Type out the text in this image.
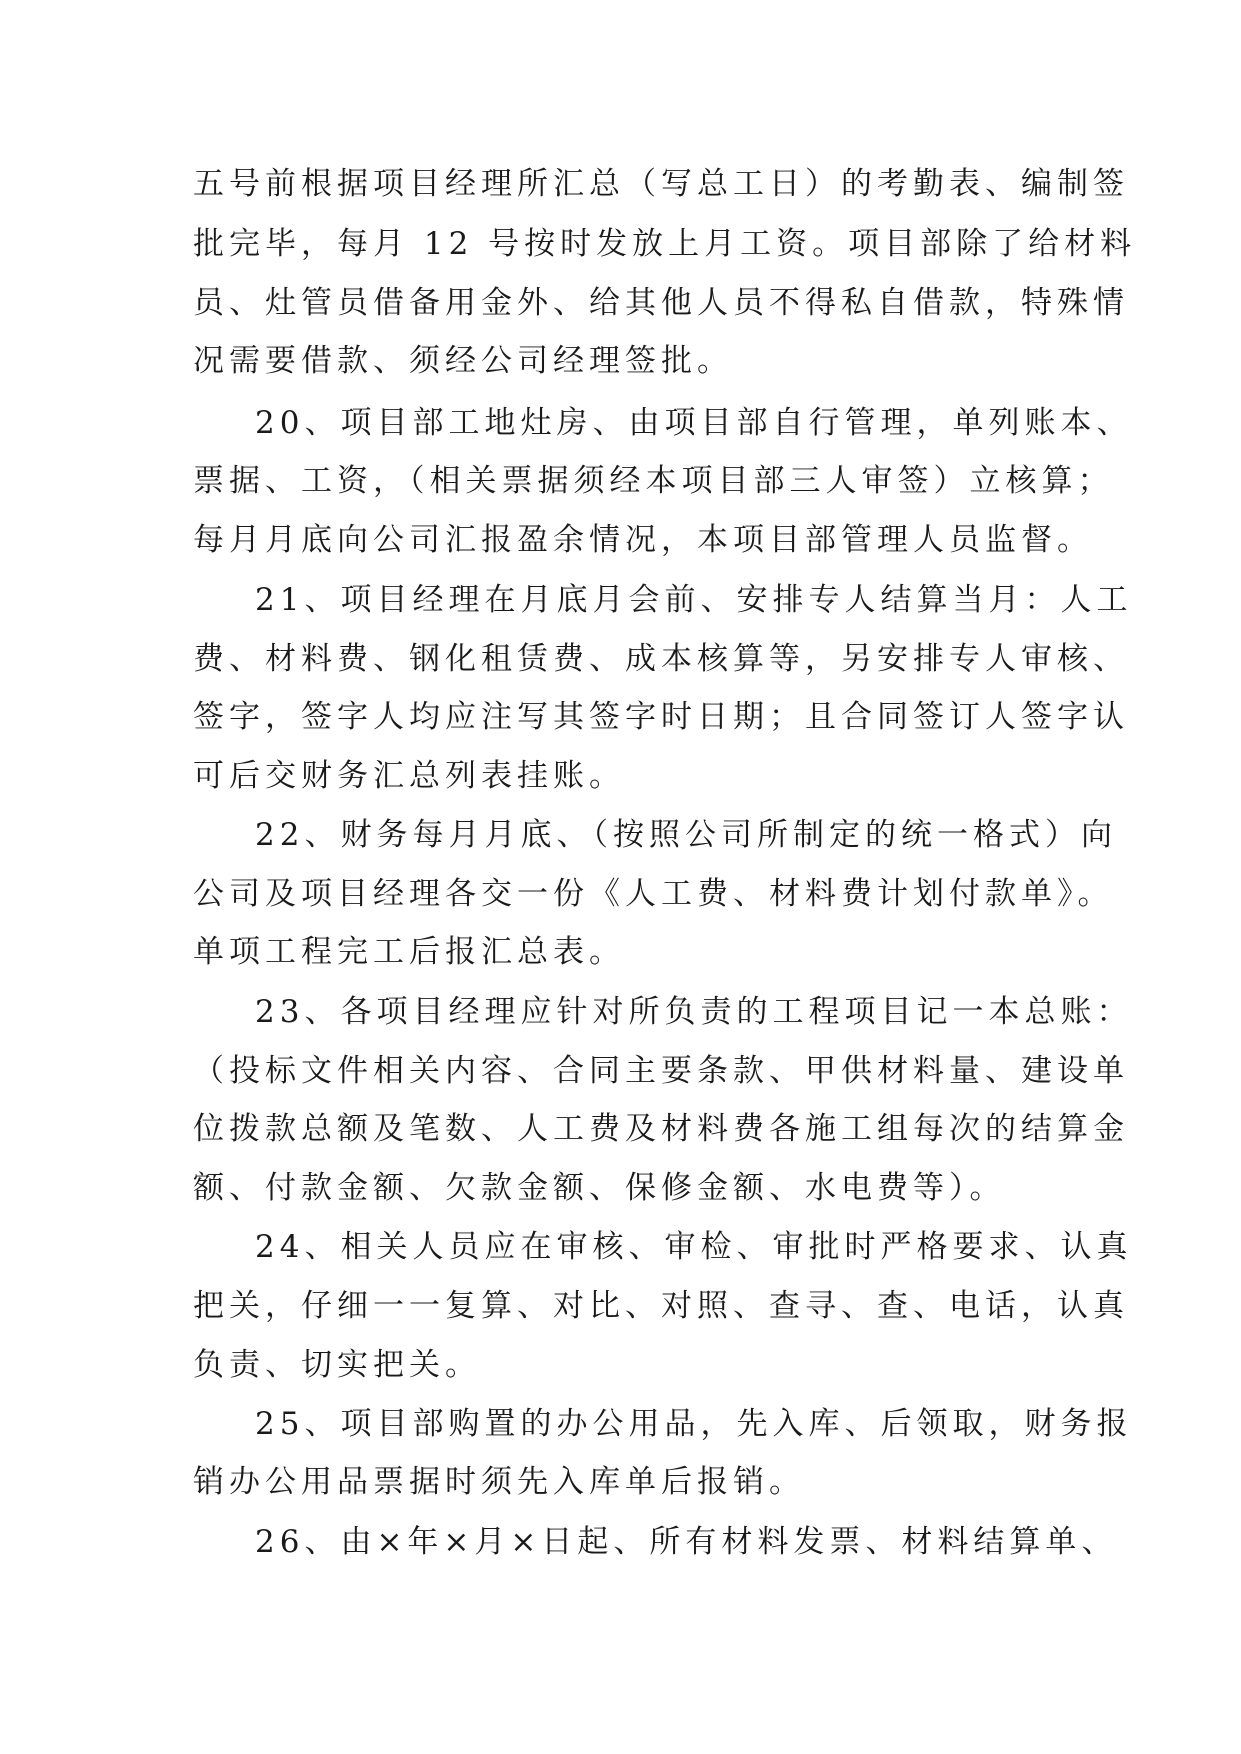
五号前根据项目经理所汇总（写总工日）的考勤表、编制签
批完毕，每月 12 号按时发放上月工资。项目部除了给材料
员、灶管员借备用金外、给其他人员不得私自借款，特殊情
况需要借款、须经公司经理签批。
20、项目部工地灶房、由项目部自行管理，单列账本、
票据、工资，（相关票据须经本项目部三人审签）立核算；
每月月底向公司汇报盈余情况，本项目部管理人员监督。
21、项目经理在月底月会前、安排专人结算当月：人工
费、材料费、钢化租赁费、成本核算等，另安排专人审核、
签字，签字人均应注写其签字时日期；且合同签订人签字认
可后交财务汇总列表挂账。
22、财务每月月底、（按照公司所制定的统一格式）向
公司及项目经理各交一份《人工费、材料费计划付款单》。
单项工程完工后报汇总表。
23、各项目经理应针对所负责的工程项目记一本总账：
（投标文件相关内容、合同主要条款、甲供材料量、建设单
位拨款总额及笔数、人工费及材料费各施工组每次的结算金
额、付款金额、欠款金额、保修金额、水电费等）。
24、相关人员应在审核、审检、审批时严格要求、认真
把关，仔细一一复算、对比、对照、查寻、查、电话，认真
负责、切实把关。
25、项目部购置的办公用品，先入库、后领取，财务报
销办公用品票据时须先入库单后报销。
26、由×年×月×日起、所有材料发票、材料结算单、
